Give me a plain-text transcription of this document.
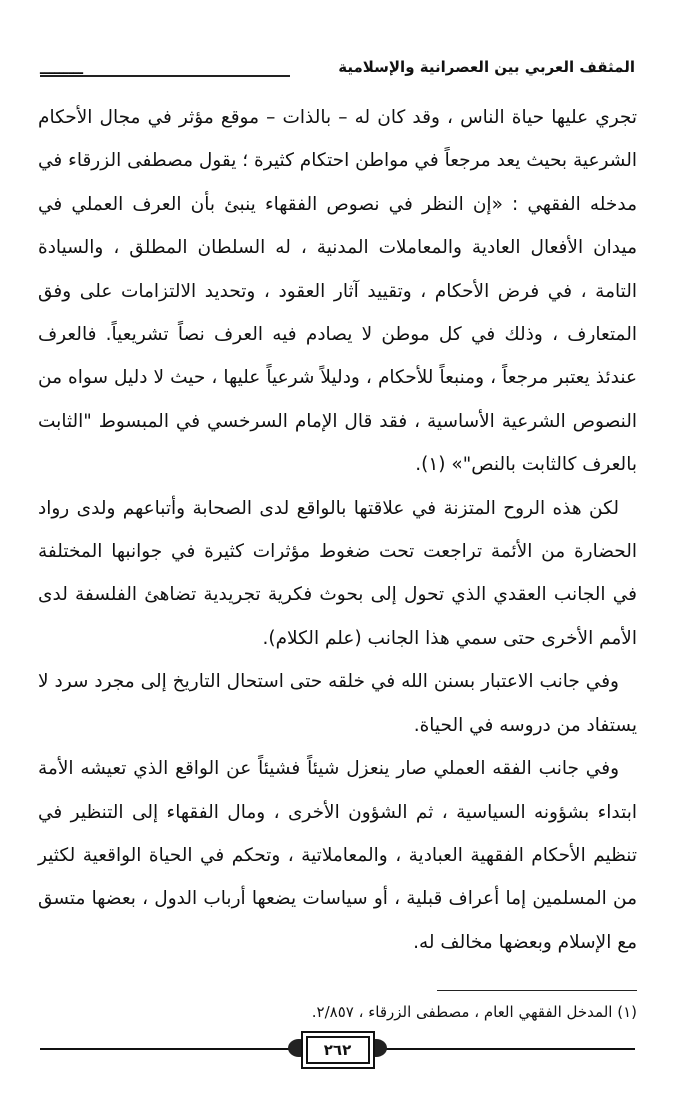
المثقف العربي بين العصرانية والإسلامية
ـــــــــ

تجري عليها حياة الناس ، وقد كان له – بالذات – موقع مؤثر في مجال الأحكام الشرعية بحيث يعد مرجعاً في مواطن احتكام كثيرة ؛ يقول مصطفى الزرقاء في مدخله الفقهي : «إن النظر في نصوص الفقهاء ينبئ بأن العرف العملي في ميدان الأفعال العادية والمعاملات المدنية ، له السلطان المطلق ، والسيادة التامة ، في فرض الأحكام ، وتقييد آثار العقود ، وتحديد الالتزامات على وفق المتعارف ، وذلك في كل موطن لا يصادم فيه العرف نصاً تشريعياً. فالعرف عندئذ يعتبر مرجعاً ، ومنبعاً للأحكام ، ودليلاً شرعياً عليها ، حيث لا دليل سواه من النصوص الشرعية الأساسية ، فقد قال الإمام السرخسي في المبسوط "الثابت بالعرف كالثابت بالنص"» (١).

لكن هذه الروح المتزنة في علاقتها بالواقع لدى الصحابة وأتباعهم ولدى رواد الحضارة من الأئمة تراجعت تحت ضغوط مؤثرات كثيرة في جوانبها المختلفة في الجانب العقدي الذي تحول إلى بحوث فكرية تجريدية تضاهئ الفلسفة لدى الأمم الأخرى حتى سمي هذا الجانب (علم الكلام).

وفي جانب الاعتبار بسنن الله في خلقه حتى استحال التاريخ إلى مجرد سرد لا يستفاد من دروسه في الحياة.

وفي جانب الفقه العملي صار ينعزل شيئاً فشيئاً عن الواقع الذي تعيشه الأمة ابتداء بشؤونه السياسية ، ثم الشؤون الأخرى ، ومال الفقهاء إلى التنظير في تنظيم الأحكام الفقهية العبادية ، والمعاملاتية ، وتحكم في الحياة الواقعية لكثير من المسلمين إما أعراف قبلية ، أو سياسات يضعها أرباب الدول ، بعضها متسق مع الإسلام وبعضها مخالف له.

(١) المدخل الفقهي العام ، مصطفى الزرقاء ، ٢/٨٥٧.
٢٦٢
